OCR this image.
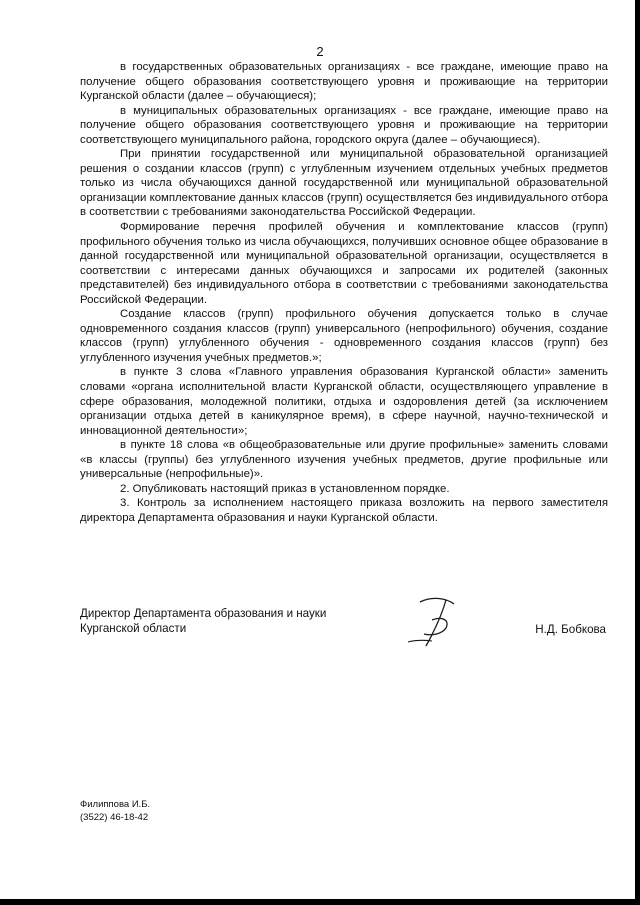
2

в государственных образовательных организациях - все граждане, имеющие право на получение общего образования соответствующего уровня и проживающие на территории Курганской области (далее – обучающиеся);

в муниципальных образовательных организациях - все граждане, имеющие право на получение общего образования соответствующего уровня и проживающие на территории соответствующего муниципального района, городского округа (далее – обучающиеся).

При принятии государственной или муниципальной образовательной организацией решения о создании классов (групп) с углубленным изучением отдельных учебных предметов только из числа обучающихся данной государственной или муниципальной образовательной организации комплектование данных классов (групп) осуществляется без индивидуального отбора в соответствии с требованиями законодательства Российской Федерации.

Формирование перечня профилей обучения и комплектование классов (групп) профильного обучения только из числа обучающихся, получивших основное общее образование в данной государственной или муниципальной образовательной организации, осуществляется в соответствии с интересами данных обучающихся и запросами их родителей (законных представителей) без индивидуального отбора в соответствии с требованиями законодательства Российской Федерации.

Создание классов (групп) профильного обучения допускается только в случае одновременного создания классов (групп) универсального (непрофильного) обучения, создание классов (групп) углубленного обучения - одновременного создания классов (групп) без углубленного изучения учебных предметов.»;

в пункте 3 слова «Главного управления образования Курганской области» заменить словами «органа исполнительной власти Курганской области, осуществляющего управление в сфере образования, молодежной политики, отдыха и оздоровления детей (за исключением организации отдыха детей в каникулярное время), в сфере научной, научно-технической и инновационной деятельности»;

в пункте 18 слова «в общеобразовательные или другие профильные» заменить словами «в классы (группы) без углубленного изучения учебных предметов, другие профильные или универсальные (непрофильные)».

2. Опубликовать настоящий приказ в установленном порядке.

3. Контроль за исполнением настоящего приказа возложить на первого заместителя директора Департамента образования и науки Курганской области.

Директор Департамента образования и науки
Курганской области	Н.Д. Бобкова
Филиппова И.Б.
(3522) 46-18-42
